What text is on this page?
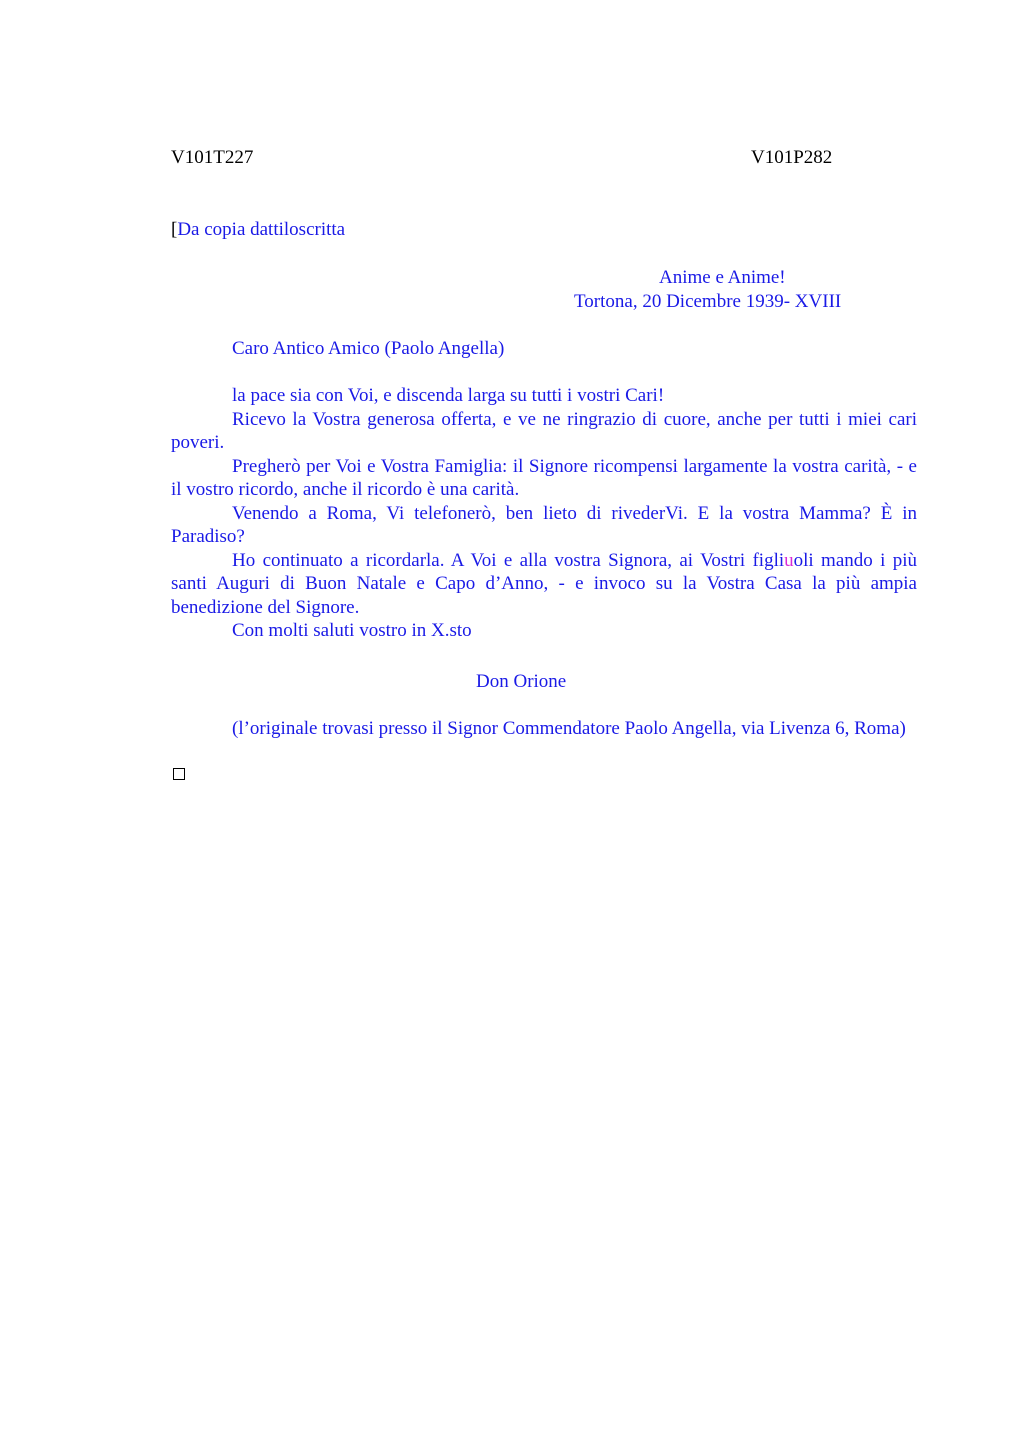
V101T227	V101P282
[Da copia dattiloscritta
Anime e Anime!
Tortona, 20 Dicembre 1939- XVIII
Caro Antico Amico (Paolo Angella)

la pace sia con Voi, e discenda larga su tutti i vostri Cari!

Ricevo la Vostra generosa offerta, e ve ne ringrazio di cuore, anche per tutti i miei cari poveri.

Pregherò per Voi e Vostra Famiglia: il Signore ricompensi largamente la vostra carità, - e il vostro ricordo, anche il ricordo è una carità.

Venendo a Roma, Vi telefonerò, ben lieto di rivederVi. E la vostra Mamma? È in Paradiso?

Ho continuato a ricordarla. A Voi e alla vostra Signora, ai Vostri figliuoli mando i più santi Auguri di Buon Natale e Capo d’Anno, - e invoco su la Vostra Casa la più ampia benedizione del Signore.

Con molti saluti vostro in X.sto

Don Orione

(l’originale trovasi presso il Signor Commendatore Paolo Angella, via Livenza 6, Roma)
